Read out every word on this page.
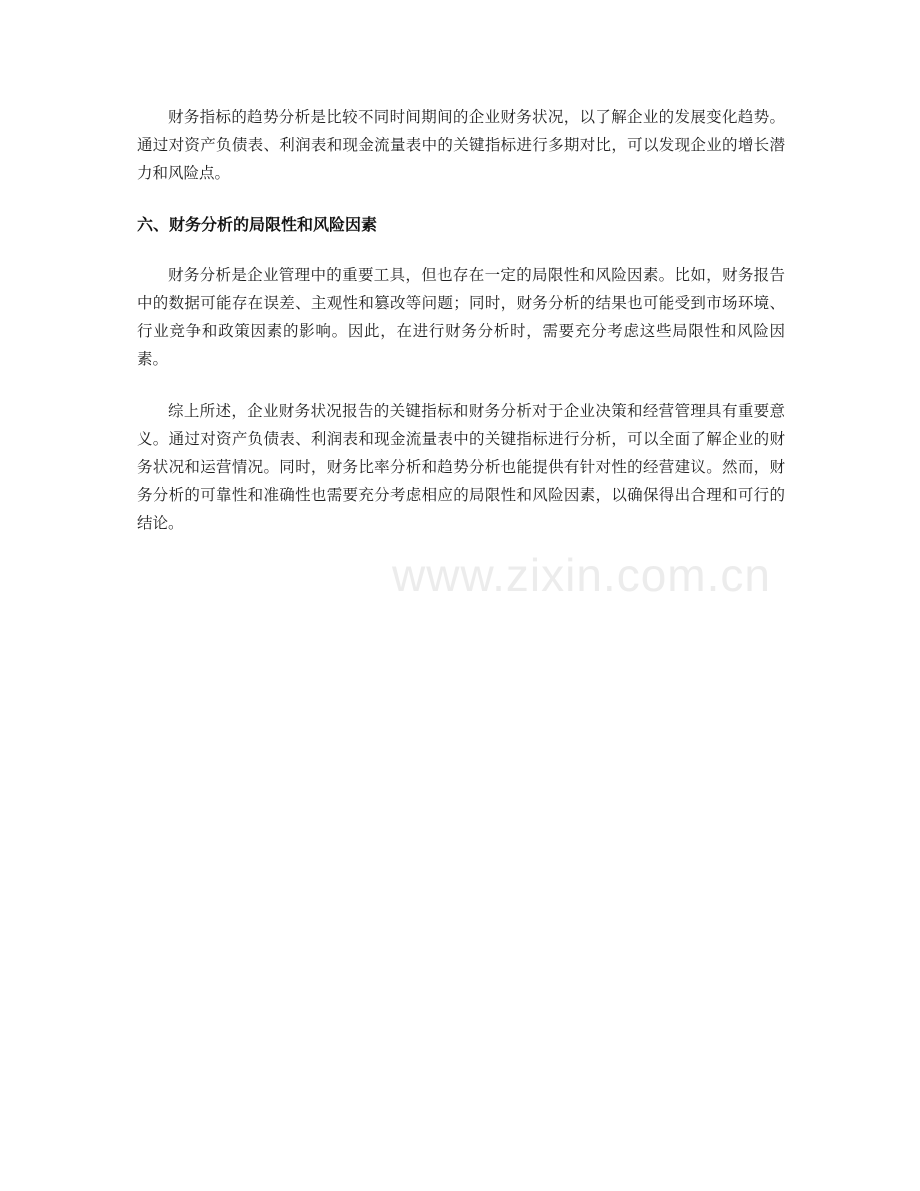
财务指标的趋势分析是比较不同时间期间的企业财务状况，以了解企业的发展变化趋势。通过对资产负债表、利润表和现金流量表中的关键指标进行多期对比，可以发现企业的增长潜力和风险点。

六、财务分析的局限性和风险因素

财务分析是企业管理中的重要工具，但也存在一定的局限性和风险因素。比如，财务报告中的数据可能存在误差、主观性和篡改等问题；同时，财务分析的结果也可能受到市场环境、行业竞争和政策因素的影响。因此，在进行财务分析时，需要充分考虑这些局限性和风险因素。

综上所述，企业财务状况报告的关键指标和财务分析对于企业决策和经营管理具有重要意义。通过对资产负债表、利润表和现金流量表中的关键指标进行分析，可以全面了解企业的财务状况和运营情况。同时，财务比率分析和趋势分析也能提供有针对性的经营建议。然而，财务分析的可靠性和准确性也需要充分考虑相应的局限性和风险因素，以确保得出合理和可行的结论。

www.zixin.com.cn
